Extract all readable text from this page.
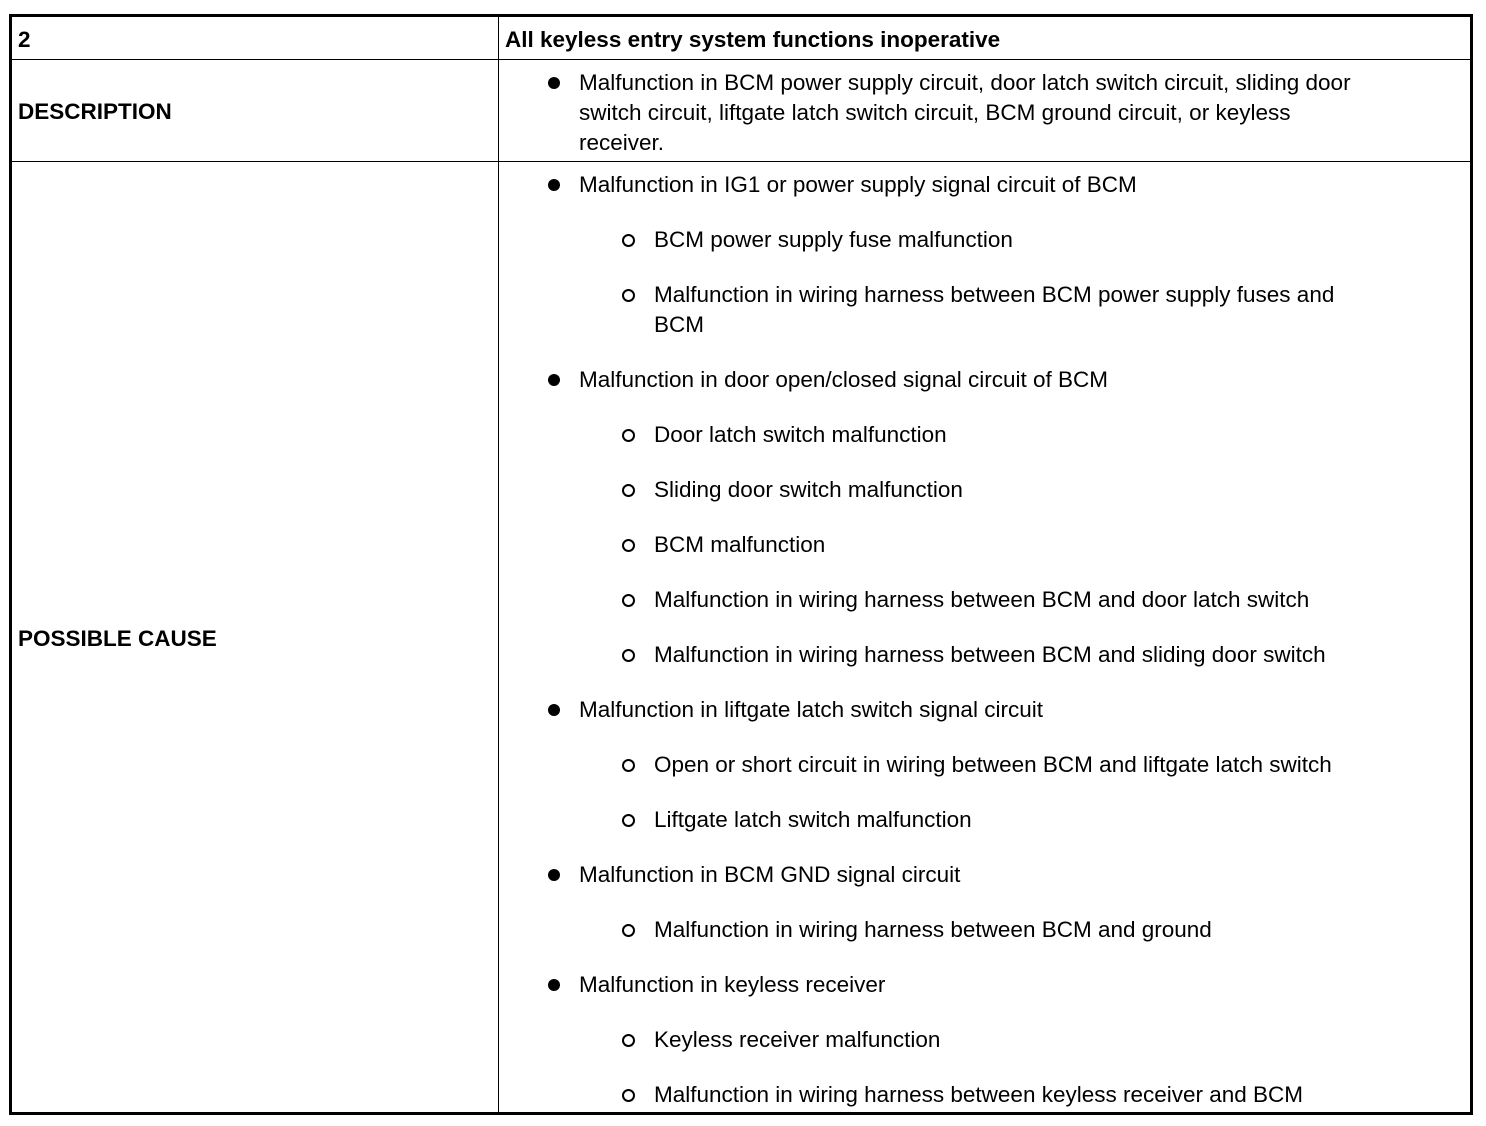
2	All keyless entry system functions inoperative
DESCRIPTION
Malfunction in BCM power supply circuit, door latch switch circuit, sliding door
switch circuit, liftgate latch switch circuit, BCM ground circuit, or keyless
receiver.
POSSIBLE CAUSE
Malfunction in IG1 or power supply signal circuit of BCM
BCM power supply fuse malfunction
Malfunction in wiring harness between BCM power supply fuses and
BCM
Malfunction in door open/closed signal circuit of BCM
Door latch switch malfunction
Sliding door switch malfunction
BCM malfunction
Malfunction in wiring harness between BCM and door latch switch
Malfunction in wiring harness between BCM and sliding door switch
Malfunction in liftgate latch switch signal circuit
Open or short circuit in wiring between BCM and liftgate latch switch
Liftgate latch switch malfunction
Malfunction in BCM GND signal circuit
Malfunction in wiring harness between BCM and ground
Malfunction in keyless receiver
Keyless receiver malfunction
Malfunction in wiring harness between keyless receiver and BCM
